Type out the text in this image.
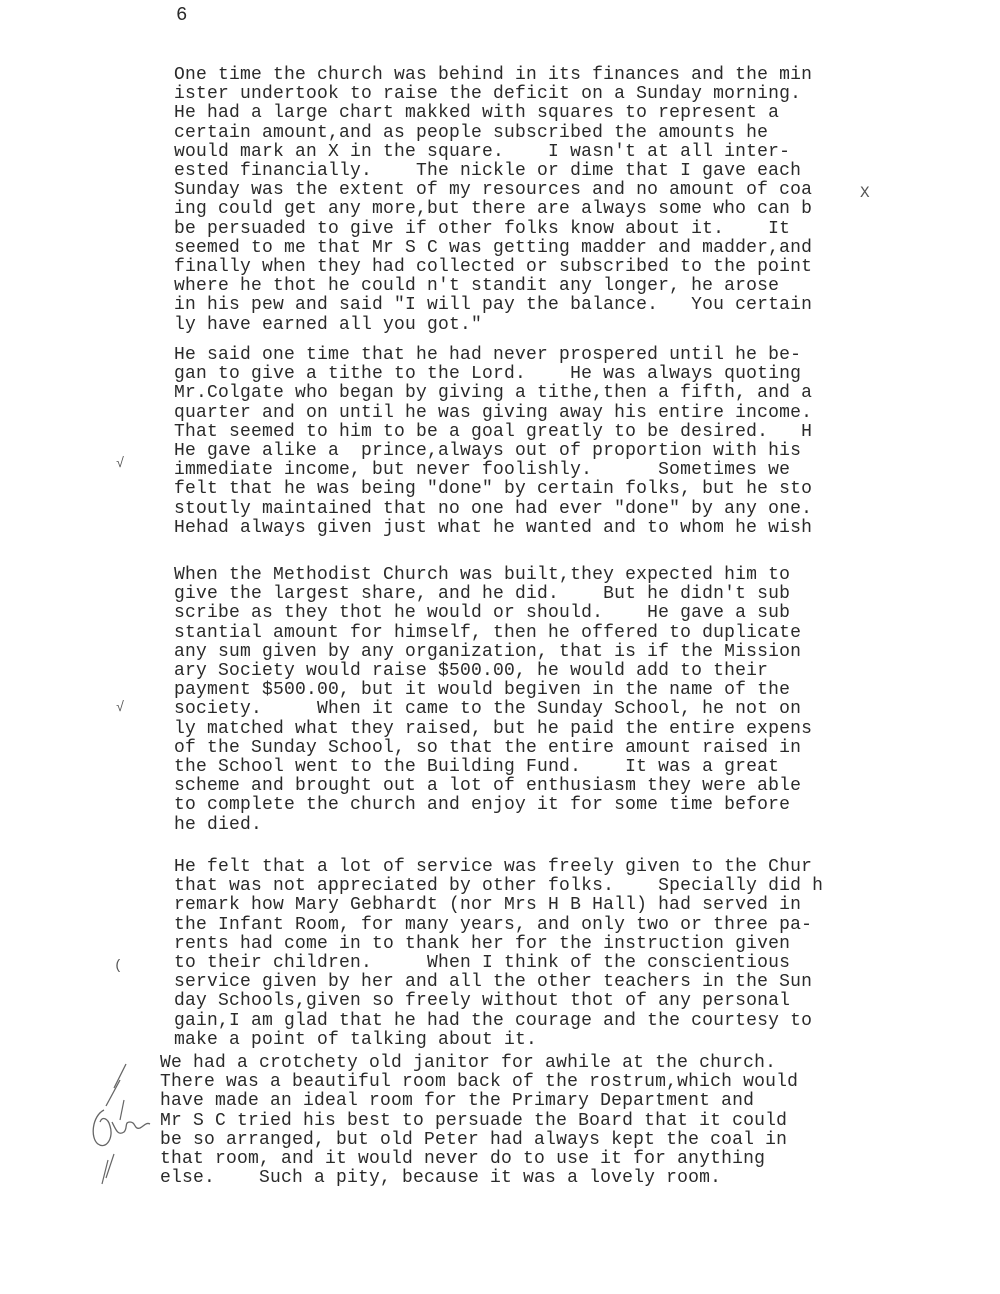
6
One time the church was behind in its finances and the min
ister undertook to raise the deficit on a Sunday morning.
He had a large chart makked with squares to represent a
certain amount,and as people subscribed the amounts he
would mark an X in the square.    I wasn't at all inter-
ested financially.    The nickle or dime that I gave each
Sunday was the extent of my resources and no amount of coa
ing could get any more,but there are always some who can b
be persuaded to give if other folks know about it.    It
seemed to me that Mr S C was getting madder and madder,and
finally when they had collected or subscribed to the point
where he thot he could n't standit any longer, he arose
in his pew and said "I will pay the balance.   You certain
ly have earned all you got."
He said one time that he had never prospered until he be-
gan to give a tithe to the Lord.    He was always quoting
Mr.Colgate who began by giving a tithe,then a fifth, and a
quarter and on until he was giving away his entire income.
That seemed to him to be a goal greatly to be desired.   H
He gave alike a  prince,always out of proportion with his
immediate income, but never foolishly.      Sometimes we
felt that he was being "done" by certain folks, but he sto
stoutly maintained that no one had ever "done" by any one.
Hehad always given just what he wanted and to whom he wish
When the Methodist Church was built,they expected him to
give the largest share, and he did.    But he didn't sub
scribe as they thot he would or should.    He gave a sub
stantial amount for himself, then he offered to duplicate
any sum given by any organization, that is if the Mission
ary Society would raise $500.00, he would add to their
payment $500.00, but it would begiven in the name of the
society.     When it came to the Sunday School, he not on
ly matched what they raised, but he paid the entire expens
of the Sunday School, so that the entire amount raised in
the School went to the Building Fund.    It was a great
scheme and brought out a lot of enthusiasm they were able
to complete the church and enjoy it for some time before
he died.
He felt that a lot of service was freely given to the Chur
that was not appreciated by other folks.    Specially did h
remark how Mary Gebhardt (nor Mrs H B Hall) had served in
the Infant Room, for many years, and only two or three pa-
rents had come in to thank her for the instruction given
to their children.     When I think of the conscientious
service given by her and all the other teachers in the Sun
day Schools,given so freely without thot of any personal
gain,I am glad that he had the courage and the courtesy to
make a point of talking about it.
We had a crotchety old janitor for awhile at the church.
There was a beautiful room back of the rostrum,which would
have made an ideal room for the Primary Department and
Mr S C tried his best to persuade the Board that it could
be so arranged, but old Peter had always kept the coal in
that room, and it would never do to use it for anything
else.    Such a pity, because it was a lovely room.
X
√
√
(
